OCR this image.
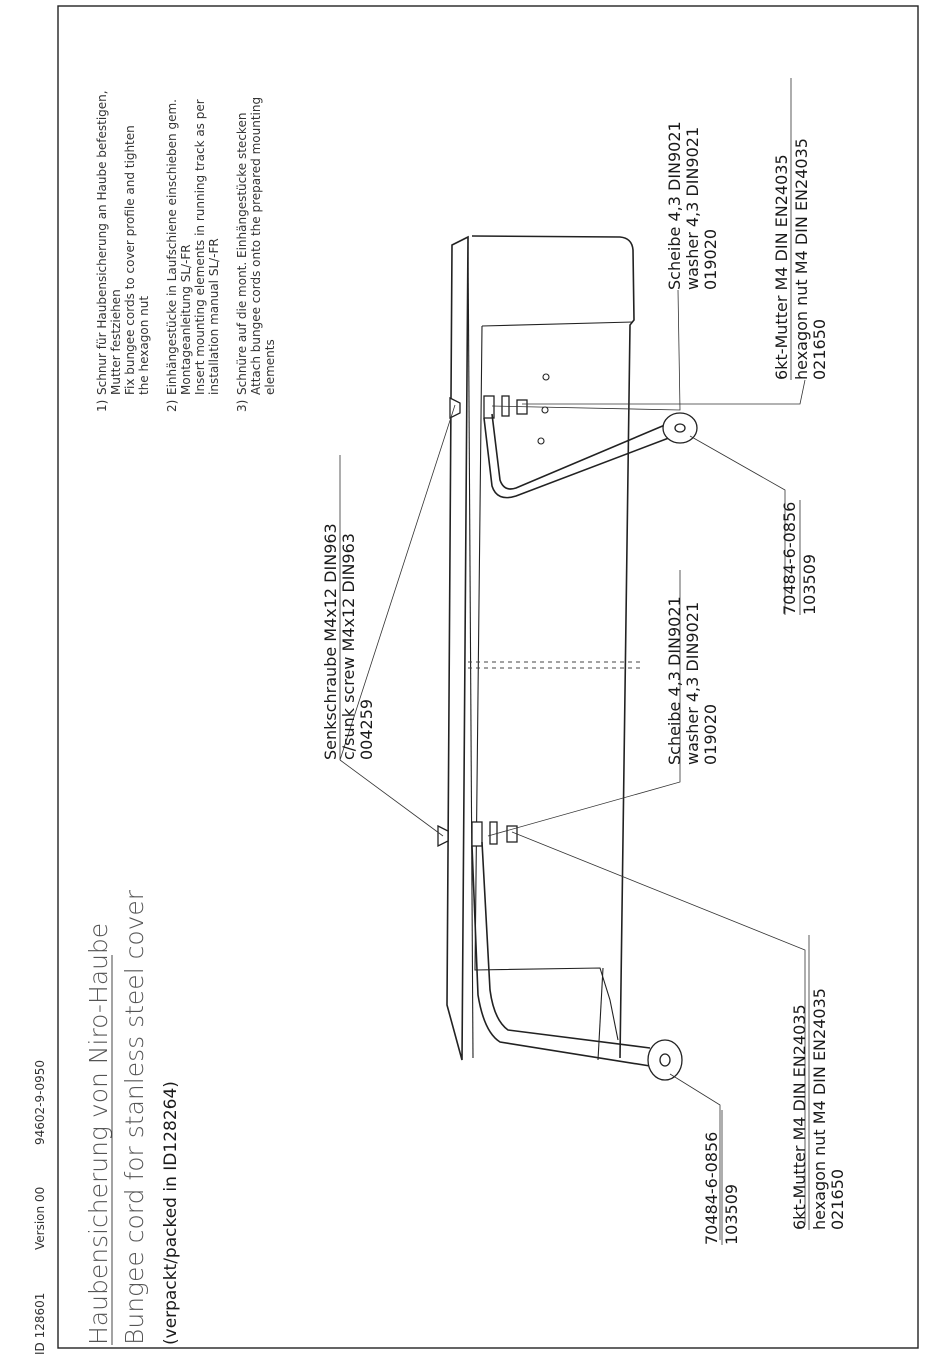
ID 128601
Version 00
94602-9-0950 Haubensicherung von Niro-Haube Bungee cord for stanless steel cover (verpackt/packed in ID128264)
1)
Schnur für Haubensicherung an Haube befestigen, Mutter festziehen Fix bungee cords to cover profile and tighten the hexagon nut
2)
Einhängestücke in Laufschiene einschieben gem. Montageanleitung SL/-FR Insert mounting elements in running track as per installation manual SL/-FR
3)
Schnüre auf die mont. Einhängestücke stecken Attach bungee cords onto the prepared mounting elements
Scheibe 4,3 DIN9021 washer 4,3 DIN9021 019020	6kt-Mutter M4 DIN EN24035 hexagon nut M4 DIN EN24035 021650
70484-6-0856 103509
Senkschraube M4x12 DIN963 c/sunk screw M4x12 DIN963 004259	Scheibe 4,3 DIN9021 washer 4,3 DIN9021 019020
6kt-Mutter M4 DIN EN24035 hexagon nut M4 DIN EN24035 021650
70484-6-0856 103509
